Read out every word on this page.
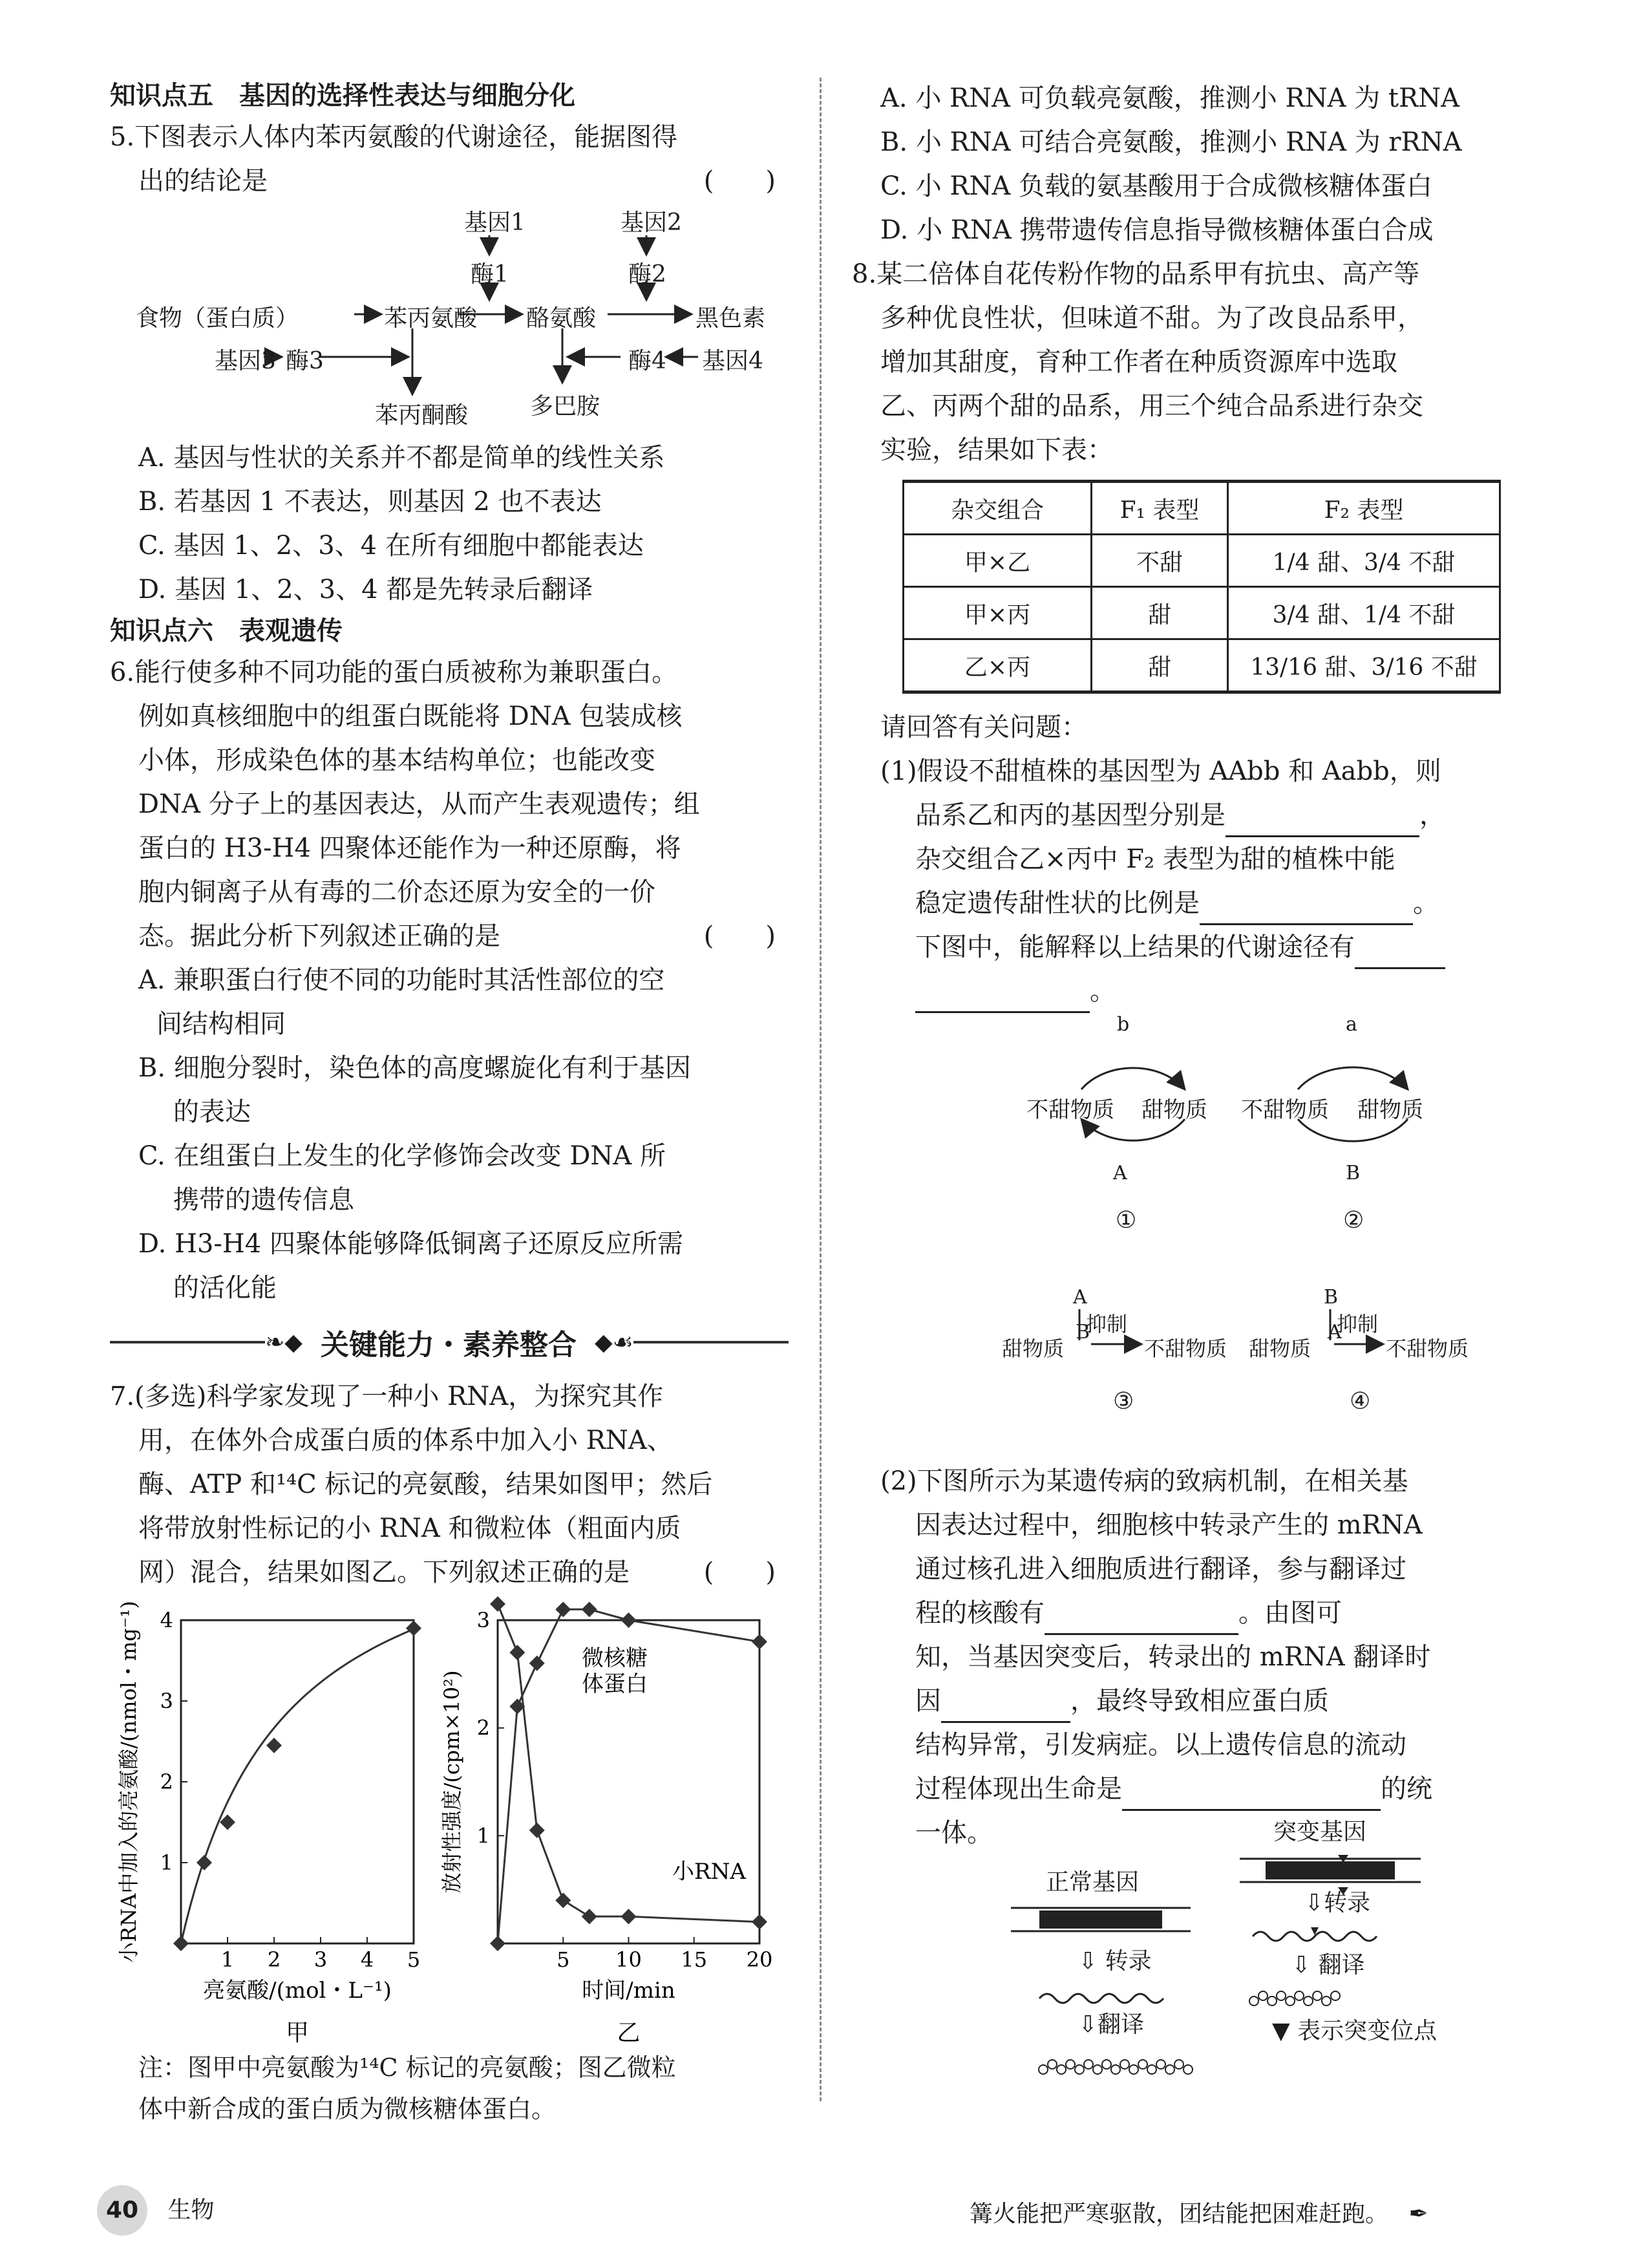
知识点五　基因的选择性表达与细胞分化

5.下图表示人体内苯丙氨酸的代谢途径，能据图得

出的结论是	(　　)

基因1	基因2
酶1	酶2
食物（蛋白质）	苯丙氨酸 酪氨酸	黑色素
基因3 酶3	酶4 基因4
苯丙酮酸	多巴胺

A. 基因与性状的关系并不都是简单的线性关系

B. 若基因 1 不表达，则基因 2 也不表达

C. 基因 1、2、3、4 在所有细胞中都能表达

D. 基因 1、2、3、4 都是先转录后翻译

知识点六　表观遗传

6.能行使多种不同功能的蛋白质被称为兼职蛋白。

例如真核细胞中的组蛋白既能将 DNA 包装成核

小体，形成染色体的基本结构单位；也能改变

DNA 分子上的基因表达，从而产生表观遗传；组

蛋白的 H3-H4 四聚体还能作为一种还原酶，将

胞内铜离子从有毒的二价态还原为安全的一价

态。据此分析下列叙述正确的是	(　　)

A. 兼职蛋白行使不同的功能时其活性部位的空

间结构相同

B. 细胞分裂时，染色体的高度螺旋化有利于基因

的表达

C. 在组蛋白上发生的化学修饰会改变 DNA 所

携带的遗传信息

D. H3-H4 四聚体能够降低铜离子还原反应所需

的活化能

❧◆ 关键能力・素养整合 ◆☙

7.(多选)科学家发现了一种小 RNA，为探究其作

用，在体外合成蛋白质的体系中加入小 RNA、

酶、ATP 和¹⁴C 标记的亮氨酸，结果如图甲；然后

将带放射性标记的小 RNA 和微粒体（粗面内质

网）混合，结果如图乙。下列叙述正确的是	(　　)

1 2 3 4 5
1
2
3
4
亮氨酸/(mol・L⁻¹)
小RNA中加入的亮氨酸/(nmol・mg⁻¹)
甲
5 10 15 20
1
2
3
时间/min
放射性强度/(cpm×10²)
乙
微核糖
体蛋白
小RNA

注：图甲中亮氨酸为¹⁴C 标记的亮氨酸；图乙微粒

体中新合成的蛋白质为微核糖体蛋白。

A. 小 RNA 可负载亮氨酸，推测小 RNA 为 tRNA

B. 小 RNA 可结合亮氨酸，推测小 RNA 为 rRNA

C. 小 RNA 负载的氨基酸用于合成微核糖体蛋白

D. 小 RNA 携带遗传信息指导微核糖体蛋白合成

8.某二倍体自花传粉作物的品系甲有抗虫、高产等

多种优良性状，但味道不甜。为了改良品系甲，

增加其甜度，育种工作者在种质资源库中选取

乙、丙两个甜的品系，用三个纯合品系进行杂交

实验，结果如下表：

杂交组合	F₁ 表型	F₂ 表型
甲×乙	不甜	1/4 甜、3/4 不甜
甲×丙	甜	3/4 甜、1/4 不甜
乙×丙	甜	13/16 甜、3/16 不甜

请回答有关问题：

(1)假设不甜植株的基因型为 AAbb 和 Aabb，则

品系乙和丙的基因型分别是	，

杂交组合乙×丙中 F₂ 表型为甜的植株中能

稳定遗传甜性状的比例是	。

下图中，能解释以上结果的代谢途径有

。

b
不甜物质 甜物质
A
①
a
不甜物质 甜物质
B
②
A
抑制
B
甜物质	不甜物质
③
B
抑制
A
甜物质	不甜物质
④

(2)下图所示为某遗传病的致病机制，在相关基

因表达过程中，细胞核中转录产生的 mRNA

通过核孔进入细胞质进行翻译，参与翻译过

程的核酸有	。由图可

知，当基因突变后，转录出的 mRNA 翻译时

因	，最终导致相应蛋白质

结构异常，引发病症。以上遗传信息的流动

过程体现出生命是	的统

一体。

正常基因
突变基因
⇩ 转录
⇩翻译
⇩转录
⇩ 翻译
▼ 表示突变位点
40 生物	篝火能把严寒驱散，团结能把困难赶跑。 ✒
